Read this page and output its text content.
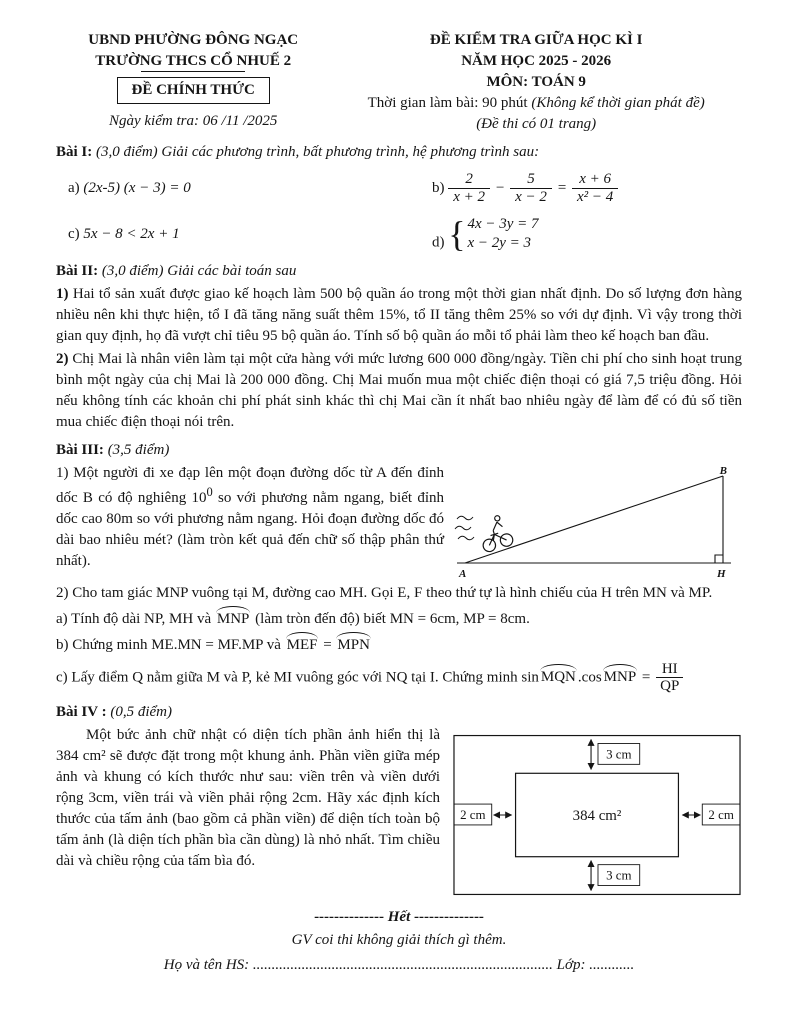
UBND PHƯỜNG ĐÔNG NGẠC
TRƯỜNG THCS CỔ NHUẾ 2
ĐỀ CHÍNH THỨC
Ngày kiểm tra: 06 /11 /2025
ĐỀ KIỂM TRA GIỮA HỌC KÌ I
NĂM HỌC 2025 - 2026
MÔN: TOÁN 9
Thời gian làm bài: 90 phút (Không kể thời gian phát đề)
(Đề thi có 01 trang)

Bài I: (3,0 điểm) Giải các phương trình, bất phương trình, hệ phương trình sau:

a) (2x-5) (x − 3) = 0	$b) \frac{2}{x + 2} - \frac{5}{x - 2} = \frac{x + 6}{\text{x² − 4}}$
c) 5x − 8 < 2x + 1
d) { 4x − 3y = 7
x − 2y = 3

Bài II: (3,0 điểm) Giải các bài toán sau

1) Hai tổ sản xuất được giao kế hoạch làm 500 bộ quần áo trong một thời gian nhất định. Do số lượng đơn hàng nhiều nên khi thực hiện, tổ I đã tăng năng suất thêm 15%, tổ II tăng thêm 25% so với dự định. Vì vậy trong thời gian quy định, họ đã vượt chỉ tiêu 95 bộ quần áo. Tính số bộ quần áo mỗi tổ phải làm theo kế hoạch ban đầu.

2) Chị Mai là nhân viên làm tại một cửa hàng với mức lương 600 000 đồng/ngày. Tiền chi phí cho sinh hoạt trung bình một ngày của chị Mai là 200 000 đồng. Chị Mai muốn mua một chiếc điện thoại có giá 7,5 triệu đồng. Hỏi nếu không tính các khoản chi phí phát sinh khác thì chị Mai cần ít nhất bao nhiêu ngày để làm để có đủ số tiền mua chiếc điện thoại nói trên.

Bài III: (3,5 điểm)

1) Một người đi xe đạp lên một đoạn đường dốc từ A đến đỉnh dốc B có độ nghiêng $10^0$ so với phương nằm ngang, biết đỉnh dốc cao 80m so với phương nằm ngang. Hỏi đoạn đường dốc đó dài bao nhiêu mét? (làm tròn kết quả đến chữ số thập phân thứ nhất).
A
B
H

2) Cho tam giác MNP vuông tại M, đường cao MH. Gọi E, F theo thứ tự là hình chiếu của H trên MN và MP.

a) Tính độ dài NP, MH và MNP (làm tròn đến độ) biết MN = 6cm, MP = 8cm.

b) Chứng minh ME.MN = MF.MP và MEF = MPN

c) Lấy điểm Q nằm giữa M và P, kẻ MI vuông góc với NQ tại I. Chứng minh sin MQN .cos MNP = $\frac{HI}{QP}$

Bài IV : (0,5 điểm)

Một bức ảnh chữ nhật có diện tích phần ảnh hiển thị là 384 cm² sẽ được đặt trong một khung ảnh. Phần viền giữa mép ảnh và khung có kích thước như sau: viền trên và viền dưới rộng 3cm, viền trái và viền phải rộng 2cm. Hãy xác định kích thước của tấm ảnh (bao gồm cả phần viền) để diện tích toàn bộ tấm ảnh (là diện tích phần bìa cần dùng) là nhỏ nhất. Tìm chiều dài và chiều rộng của tấm bìa đó.
3 cm
3 cm
2 cm	2 cm
384 cm²
-------------- Hết --------------
GV coi thi không giải thích gì thêm.
Họ và tên HS: ................................................................................ Lớp: ............
